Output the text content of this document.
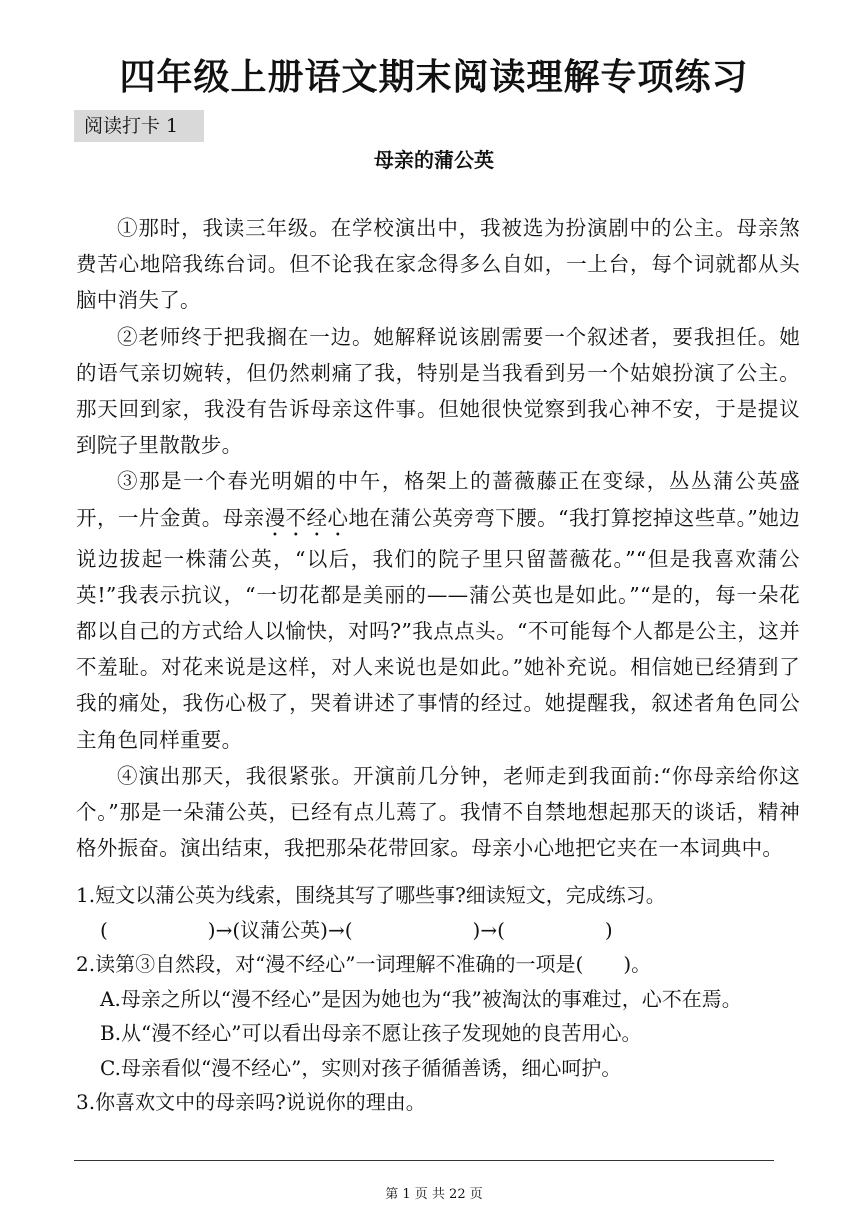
四年级上册语文期末阅读理解专项练习
阅读打卡 1
母亲的蒲公英

①那时，我读三年级。在学校演出中，我被选为扮演剧中的公主。母亲煞费苦心地陪我练台词。但不论我在家念得多么自如，一上台，每个词就都从头脑中消失了。

②老师终于把我搁在一边。她解释说该剧需要一个叙述者，要我担任。她的语气亲切婉转，但仍然刺痛了我，特别是当我看到另一个姑娘扮演了公主。那天回到家，我没有告诉母亲这件事。但她很快觉察到我心神不安，于是提议到院子里散散步。

③那是一个春光明媚的中午，格架上的蔷薇藤正在变绿，丛丛蒲公英盛开，一片金黄。母亲漫不经心地在蒲公英旁弯下腰。“我打算挖掉这些草。”她边说边拔起一株蒲公英，“以后，我们的院子里只留蔷薇花。”“但是我喜欢蒲公英!”我表示抗议，“一切花都是美丽的——蒲公英也是如此。”“是的，每一朵花都以自己的方式给人以愉快，对吗?”我点点头。“不可能每个人都是公主，这并不羞耻。对花来说是这样，对人来说也是如此。”她补充说。相信她已经猜到了我的痛处，我伤心极了，哭着讲述了事情的经过。她提醒我，叙述者角色同公主角色同样重要。

④演出那天，我很紧张。开演前几分钟，老师走到我面前:“你母亲给你这个。”那是一朵蒲公英，已经有点儿蔫了。我情不自禁地想起那天的谈话，精神格外振奋。演出结束，我把那朵花带回家。母亲小心地把它夹在一本词典中。

1.短文以蒲公英为线索，围绕其写了哪些事?细读短文，完成练习。

(　　　　　)→(议蒲公英)→(　　　　　　)→(　　　　　)

2.读第③自然段，对“漫不经心”一词理解不准确的一项是(　　)。

A.母亲之所以“漫不经心”是因为她也为“我”被淘汰的事难过，心不在焉。

B.从“漫不经心”可以看出母亲不愿让孩子发现她的良苦用心。

C.母亲看似“漫不经心”，实则对孩子循循善诱，细心呵护。

3.你喜欢文中的母亲吗?说说你的理由。

第 1 页 共 22 页
